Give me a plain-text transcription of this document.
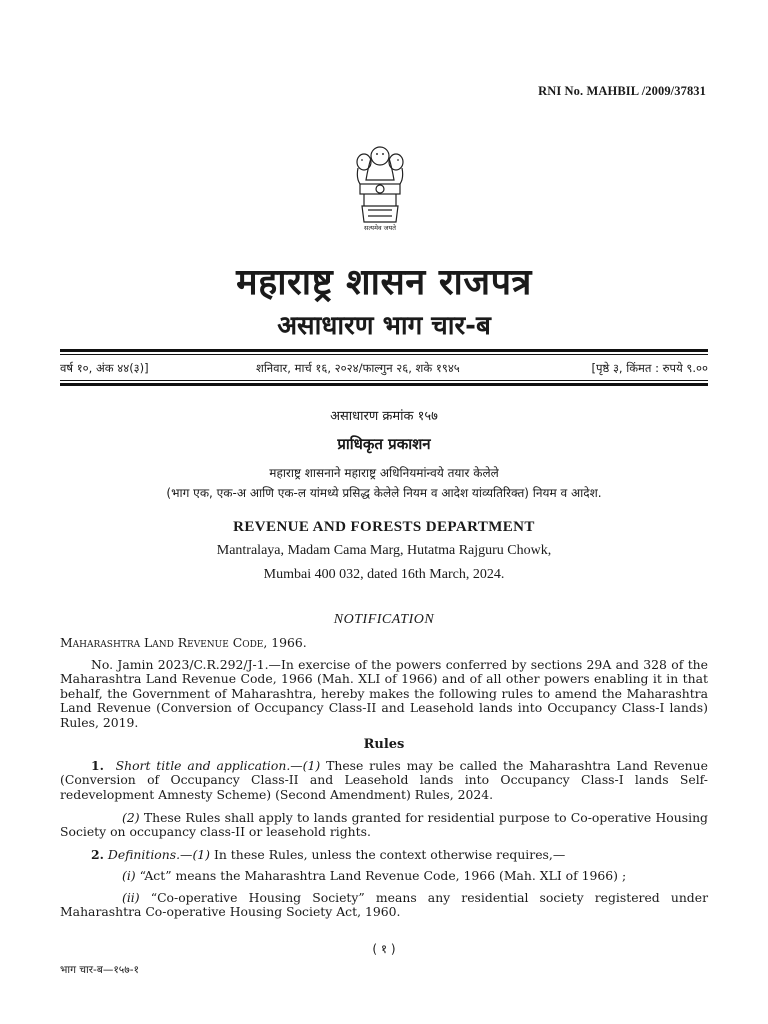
RNI No. MAHBIL /2009/37831
सत्यमेव जयते
महाराष्ट्र शासन राजपत्र
असाधारण भाग चार-ब
वर्ष १०, अंक ४४(३)]	शनिवार, मार्च १६, २०२४/फाल्गुन २६, शके १९४५	[पृष्ठे ३, किंमत : रुपये ९.००
असाधारण क्रमांक १५७
प्राधिकृत प्रकाशन
महाराष्ट्र शासनाने महाराष्ट्र अधिनियमांन्वये तयार केलेले
(भाग एक, एक-अ आणि एक-ल यांमध्ये प्रसिद्ध केलेले नियम व आदेश यांव्यतिरिक्त) नियम व आदेश.
REVENUE AND FORESTS DEPARTMENT
Mantralaya, Madam Cama Marg, Hutatma Rajguru Chowk,
Mumbai 400 032, dated 16th March, 2024.
NOTIFICATION
Maharashtra Land Revenue Code, 1966.

No. Jamin 2023/C.R.292/J-1.—In exercise of the powers conferred by sections 29A and 328 of the Maharashtra Land Revenue Code, 1966 (Mah. XLI of 1966) and of all other powers enabling it in that behalf, the Government of Maharashtra, hereby makes the following rules to amend the Maharashtra Land Revenue (Conversion of Occupancy Class-II and Leasehold lands into Occupancy Class-I lands) Rules, 2019.

Rules

1. Short title and application.—(1) These rules may be called the Maharashtra Land Revenue (Conversion of Occupancy Class-II and Leasehold lands into Occupancy Class-I lands Self-redevelopment Amnesty Scheme) (Second Amendment) Rules, 2024.

(2) These Rules shall apply to lands granted for residential purpose to Co-operative Housing Society on occupancy class-II or leasehold rights.

2. Definitions.—(1) In these Rules, unless the context otherwise requires,—

(i) “Act” means the Maharashtra Land Revenue Code, 1966 (Mah. XLI of 1966) ;

(ii) “Co-operative Housing Society” means any residential society registered under Maharashtra Co-operative Housing Society Act, 1960.

( १ )
भाग चार-ब—१५७-१
